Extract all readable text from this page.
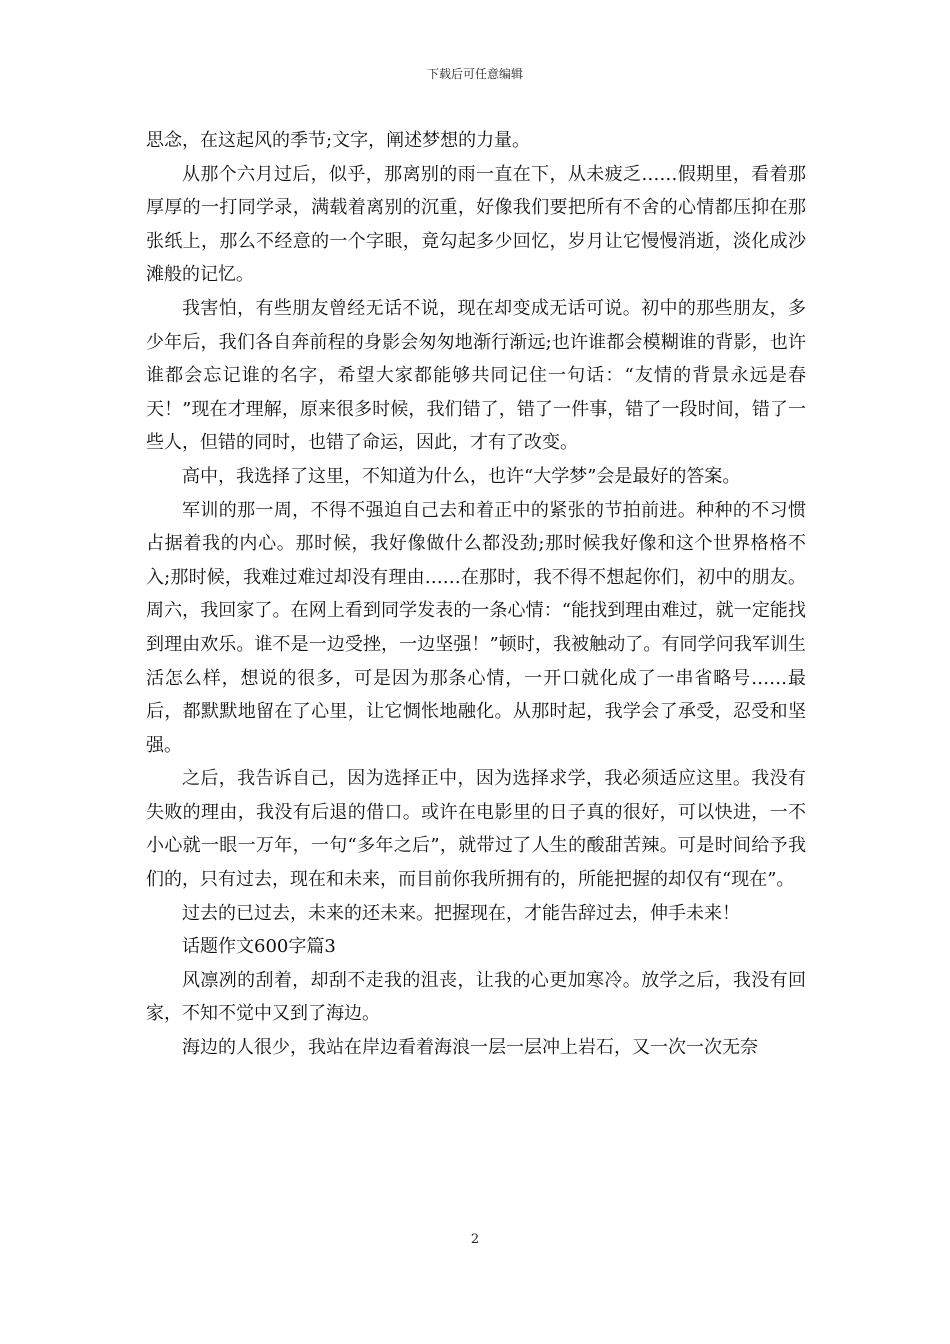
下载后可任意编辑

思念，在这起风的季节;文字，阐述梦想的力量。

从那个六月过后，似乎，那离别的雨一直在下，从未疲乏……假期里，看着那厚厚的一打同学录，满载着离别的沉重，好像我们要把所有不舍的心情都压抑在那张纸上，那么不经意的一个字眼，竟勾起多少回忆，岁月让它慢慢消逝，淡化成沙滩般的记忆。

我害怕，有些朋友曾经无话不说，现在却变成无话可说。初中的那些朋友，多少年后，我们各自奔前程的身影会匆匆地渐行渐远;也许谁都会模糊谁的背影，也许谁都会忘记谁的名字，希望大家都能够共同记住一句话：“友情的背景永远是春天！”现在才理解，原来很多时候，我们错了，错了一件事，错了一段时间，错了一些人，但错的同时，也错了命运，因此，才有了改变。

高中，我选择了这里，不知道为什么，也许“大学梦”会是最好的答案。

军训的那一周，不得不强迫自己去和着正中的紧张的节拍前进。种种的不习惯占据着我的内心。那时候，我好像做什么都没劲;那时候我好像和这个世界格格不入;那时候，我难过难过却没有理由……在那时，我不得不想起你们，初中的朋友。周六，我回家了。在网上看到同学发表的一条心情：“能找到理由难过，就一定能找到理由欢乐。谁不是一边受挫，一边坚强！”顿时，我被触动了。有同学问我军训生活怎么样，想说的很多，可是因为那条心情，一开口就化成了一串省略号……最后，都默默地留在了心里，让它惆怅地融化。从那时起，我学会了承受，忍受和坚强。

之后，我告诉自己，因为选择正中，因为选择求学，我必须适应这里。我没有失败的理由，我没有后退的借口。或许在电影里的日子真的很好，可以快进，一不小心就一眼一万年，一句“多年之后”，就带过了人生的酸甜苦辣。可是时间给予我们的，只有过去，现在和未来，而目前你我所拥有的，所能把握的却仅有“现在”。

过去的已过去，未来的还未来。把握现在，才能告辞过去，伸手未来！

话题作文600字篇3

风凛冽的刮着，却刮不走我的沮丧，让我的心更加寒冷。放学之后，我没有回家，不知不觉中又到了海边。

海边的人很少，我站在岸边看着海浪一层一层冲上岩石，又一次一次无奈

2
